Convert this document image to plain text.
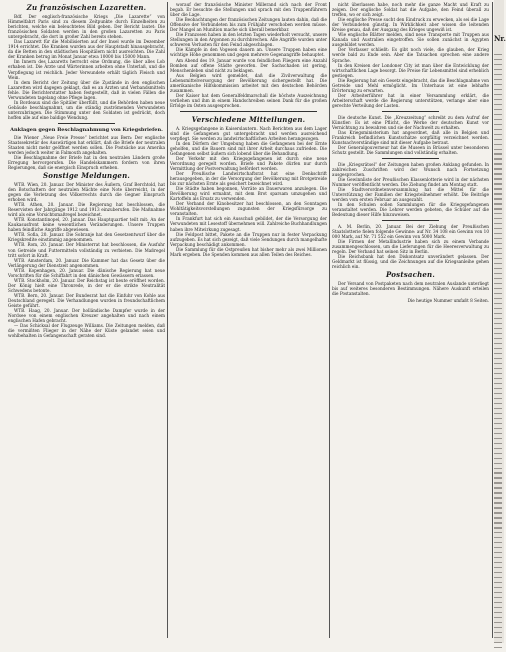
Zu französischen Lazaretten.

Bdf. Der englisch-französische Kriegs „Die Lazarette“ von Himmelfahrt Paris sind zu diesem Zeitpunkte durch Einzelheiten zu berichten, welche ein beleuchtetes Bild geben. Der Bericht lautet: Die französischen Soldaten werden in den großen Lazaretten zu Paris untergebracht, die dort in großer Zahl bereits stehen.

Das Lazarett für die Mobilisierten auf der Insel wurde im Dezember 1914 errichtet. Die Kranken wurden aus der Hauptstadt hinausgebracht, da die Betten in den städtischen Hospitälern nicht ausreichten. Die Zahl der Kranken betrug im Monat Januar etwa 10000 bis 15000 Mann.

Im Innern des Lazaretts herrscht eine Ordnung, die über alles Lob erhaben ist. Die Ärzte und Wärterinnen arbeiten ohne Unterlaß, und die Verpflegung ist reichlich. Jeder Verwundete erhält täglich Fleisch und Wein.

In dem Bericht der Zeitung über die Zustände in den englischen Lazaretten wird dagegen geklagt, daß es an Ärzten und Verbandsmitteln fehle. Die Berichterstatter haben festgestellt, daß in vielen Fällen die Verwundeten tagelang ohne Pflege lagen.

In Bordeaux sind die Spitäler überfüllt, und die Behörden haben neue Gebäude beschlagnahmt, um die ständig zuströmenden Verwundeten unterzubringen. Die Stimmung unter den Soldaten ist gedrückt, doch hoffen alle auf eine baldige Wendung.

Anklagen gegen Beschlagnahmung von Kriegsbriefen.

Die Wiener „Neue Freie Presse“ berichtet aus Bern: Der englische Staatssekretär des Auswärtigen hat erklärt, daß die Briefe der neutralen Staaten nicht mehr geöffnet werden sollen. Die Postsäcke aus Amerika werden jedoch weiter in Falmouth angehalten.

Die Beschlagnahme der Briefe hat in den neutralen Ländern große Erregung hervorgerufen. Die Handelskammern fordern von ihren Regierungen, daß sie energisch Einspruch erheben.

Sonstige Meldungen.

WTB. Wien, 20. Januar. Der Minister des Äußern, Graf Berchtold, hat den Botschaftern der neutralen Mächte eine Note überreicht, in der gegen die Verletzung des Völkerrechts durch die Gegner Einspruch erhoben wird.

WTB. Athen, 20. Januar. Die Regierung hat beschlossen, die Reservisten der Jahrgänge 1912 und 1913 einzuberufen. Die Maßnahme wird als eine Vorsichtsmaßregel bezeichnet.

WTB. Konstantinopel, 20. Januar. Das Hauptquartier teilt mit: An der Kaukasusfront keine wesentlichen Veränderungen. Unsere Truppen haben feindliche Angriffe abgewiesen.

WTB. Sofia, 20. Januar. Die Sobranje hat den Gesetzentwurf über die Kriegskredite einstimmig angenommen.

WTB. Rom, 20. Januar. Der Ministerrat hat beschlossen, die Ausfuhr von Getreide und Futtermitteln vollständig zu verbieten. Die Maßregel tritt sofort in Kraft.

WTB. Amsterdam, 20. Januar. Die Kammer hat das Gesetz über die Verlängerung der Dienstzeit angenommen.

WTB. Kopenhagen, 20. Januar. Die dänische Regierung hat neue Vorschriften für die Schiffahrt in den dänischen Gewässern erlassen.

WTB. Stockholm, 20. Januar. Der Reichstag ist heute eröffnet worden. Der König hielt eine Thronrede, in der er die strikte Neutralität Schwedens betonte.

WTB. Bern, 20. Januar. Der Bundesrat hat die Einfuhr von Kohle aus Deutschland geregelt. Die Verhandlungen wurden in freundschaftlichem Geiste geführt.

WTB. Haag, 20. Januar. Der holländische Dampfer wurde in der Nordsee von einem englischen Kreuzer angehalten und nach einem englischen Hafen gebracht.

— Das Schicksal der Flugzeuge Williams. Die Zeitungen melden, daß die vermißten Flieger in der Nähe der Küste gelandet seien und wohlbehalten in Gefangenschaft geraten sind.

worauf der französische Minister Millerand sich nach der Front begab. Er besuchte die Stellungen und sprach mit den Truppenführern über die Lage.

Die Beobachtungen der französischen Zeitungen lauten dahin, daß die Offensive der Verbündeten bis zum Frühjahr verschoben werden müsse. Der Mangel an Munition mache sich überall bemerkbar.

Die Franzosen haben in den letzten Tagen wiederholt versucht, unsere Stellungen in den Argonnen zu durchbrechen. Alle Angriffe wurden unter schweren Verlusten für den Feind abgeschlagen.

Die Kämpfe in den Vogesen dauern an. Unsere Truppen haben eine wichtige Höhe genommen und gegen mehrere Gegenangriffe behauptet.

Am Abend des 19. Januar wurde von feindlichen Fliegern eine Anzahl Bomben auf offene Städte geworfen. Der Sachschaden ist gering, Menschenleben sind nicht zu beklagen.

Aus Belgien wird gemeldet, daß die Zivilverwaltung die Lebensmittelversorgung der Bevölkerung sichergestellt hat. Die amerikanische Hilfskommission arbeitet mit den deutschen Behörden zusammen.

Der Kaiser hat dem Generalfeldmarschall die höchste Auszeichnung verliehen und ihm in einem Handschreiben seinen Dank für die großen Erfolge im Osten ausgesprochen.

Verschiedene Mitteilungen.

A. Kriegsgefangene in Kaiserslautern. Nach Berichten aus dem Lager sind die Gefangenen gut untergebracht und werden ausreichend verpflegt. Sie werden zu landwirtschaftlichen Arbeiten herangezogen.

In den Dörfern der Umgebung haben die Gefangenen bei der Ernte geholfen, und die Bauern sind mit ihrer Arbeit durchaus zufrieden. Die Gefangenen selbst äußern sich lobend über die Behandlung.

Der Verkehr mit den Kriegsgefangenen ist durch eine neue Verordnung geregelt worden. Briefe und Pakete dürfen nur durch Vermittlung der Postverwaltung befördert werden.

Der Preußische Landwirtschaftsrat hat eine Denkschrift herausgegeben, in der die Versorgung der Bevölkerung mit Brotgetreide bis zur nächsten Ernte als gesichert bezeichnet wird.

Die Städte haben begonnen, Vorräte an Dauerwaren anzulegen. Die Bevölkerung wird ermahnt, mit dem Brot sparsam umzugehen und Kartoffeln als Ersatz zu verwenden.

Der Verband der Kinobesitzer hat beschlossen, an den Sonntagen Wohltätigkeitsvorstellungen zugunsten der Kriegsfürsorge zu veranstalten.

In Frankfurt hat sich ein Ausschuß gebildet, der die Versorgung der Verwundeten mit Lesestoff übernehmen will. Zahlreiche Buchhandlungen haben ihre Mitwirkung zugesagt.

Die Feldpost bittet, Pakete an die Truppen nur in fester Verpackung aufzugeben. Es hat sich gezeigt, daß viele Sendungen durch mangelhafte Verpackung beschädigt ankommen.

Die Sammlung für die Ostpreußen hat bisher mehr als zwei Millionen Mark ergeben. Die Spenden kommen aus allen Teilen des Reiches.

nicht überlassen habe, noch mehr die ganze Macht und Kraft zu zeigen. Der englische Soldat hat die Aufgabe, den Feind überall zu treffen, wo er sich zeigt.

Die englische Presse sucht den Eindruck zu erwecken, als sei die Lage der Verbündeten günstig. In Wirklichkeit aber wissen die leitenden Kreise genau, daß der Ausgang des Krieges ungewiß ist.

Wie englische Blätter melden, sind neue Transporte mit Truppen aus Kanada und Australien eingetroffen. Sie sollen zunächst in Ägypten ausgebildet werden.

Der Verfasser schließt: Es gibt noch viele, die glauben, der Krieg werde bald zu Ende sein. Aber die Tatsachen sprechen eine andere Sprache.

In den Kreisen der Londoner City ist man über die Entwicklung der wirtschaftlichen Lage besorgt. Die Preise für Lebensmittel sind erheblich gestiegen.

Die Regierung hat ein Gesetz eingebracht, das die Beschlagnahme von Getreide und Mehl ermöglicht. Im Unterhaus ist eine lebhafte Erörterung zu erwarten.

Der Arbeiterführer hat in einer Versammlung erklärt, die Arbeiterschaft werde die Regierung unterstützen, verlange aber eine gerechte Verteilung der Lasten.

Die deutsche Kunst. Die „Kreuzzeitung“ schreibt zu dem Aufruf der Künstler: Es ist eine Pflicht, die Werke der deutschen Kunst vor Vernichtung zu bewahren und sie der Nachwelt zu erhalten.

Das Kriegsministerium hat angeordnet, daß alle in Belgien und Frankreich befindlichen Kunstschätze sorgfältig verzeichnet werden. Kunstsachverständige sind mit dieser Aufgabe betraut.

Der Generalgouverneur hat die Museen in Brüssel unter besonderen Schutz gestellt. Die Sammlungen sind vollständig erhalten.

Die „Kriegsrätsel“ der Zeitungen haben großen Anklang gefunden. In zahlreichen Zuschriften wird der Wunsch nach Fortsetzung ausgesprochen.

Die Gewinnliste der Preußischen Klassenlotterie wird in der nächsten Nummer veröffentlicht werden. Die Ziehung findet am Montag statt.

Die Stadtverordnetenversammlung hat die Mittel für die Unterstützung der Familien der Kriegsteilnehmer erhöht. Die Beiträge werden vom ersten Februar an ausgezahlt.

In den Schulen sollen Sammlungen für die Kriegsgefangenen veranstaltet werden. Die Lehrer werden gebeten, die Schüler auf die Bedeutung dieser Hilfe hinzuweisen.

A. M. Berlin, 20. Januar. Bei der Ziehung der Preußischen Staatslotterie fielen folgende Gewinne: auf Nr. 34 108 ein Gewinn von 10 000 Mark, auf Nr. 71 552 ein Gewinn von 5000 Mark.

Die Firmen der Metallindustrie haben sich zu einem Verbande zusammengeschlossen, um die Lieferungen für die Heeresverwaltung zu regeln. Der Verband hat seinen Sitz in Berlin.

Die Reichsbank hat den Diskontsatz unverändert gelassen. Der Geldmarkt ist flüssig, und die Zeichnungen auf die Kriegsanleihe gehen reichlich ein.

Postsachen.

Der Versand von Postpaketen nach dem neutralen Auslande unterliegt bis auf weiteres besonderen Bestimmungen. Nähere Auskunft erteilen die Postanstalten.

Die heutige Nummer umfaßt 8 Seiten.
Nr.
